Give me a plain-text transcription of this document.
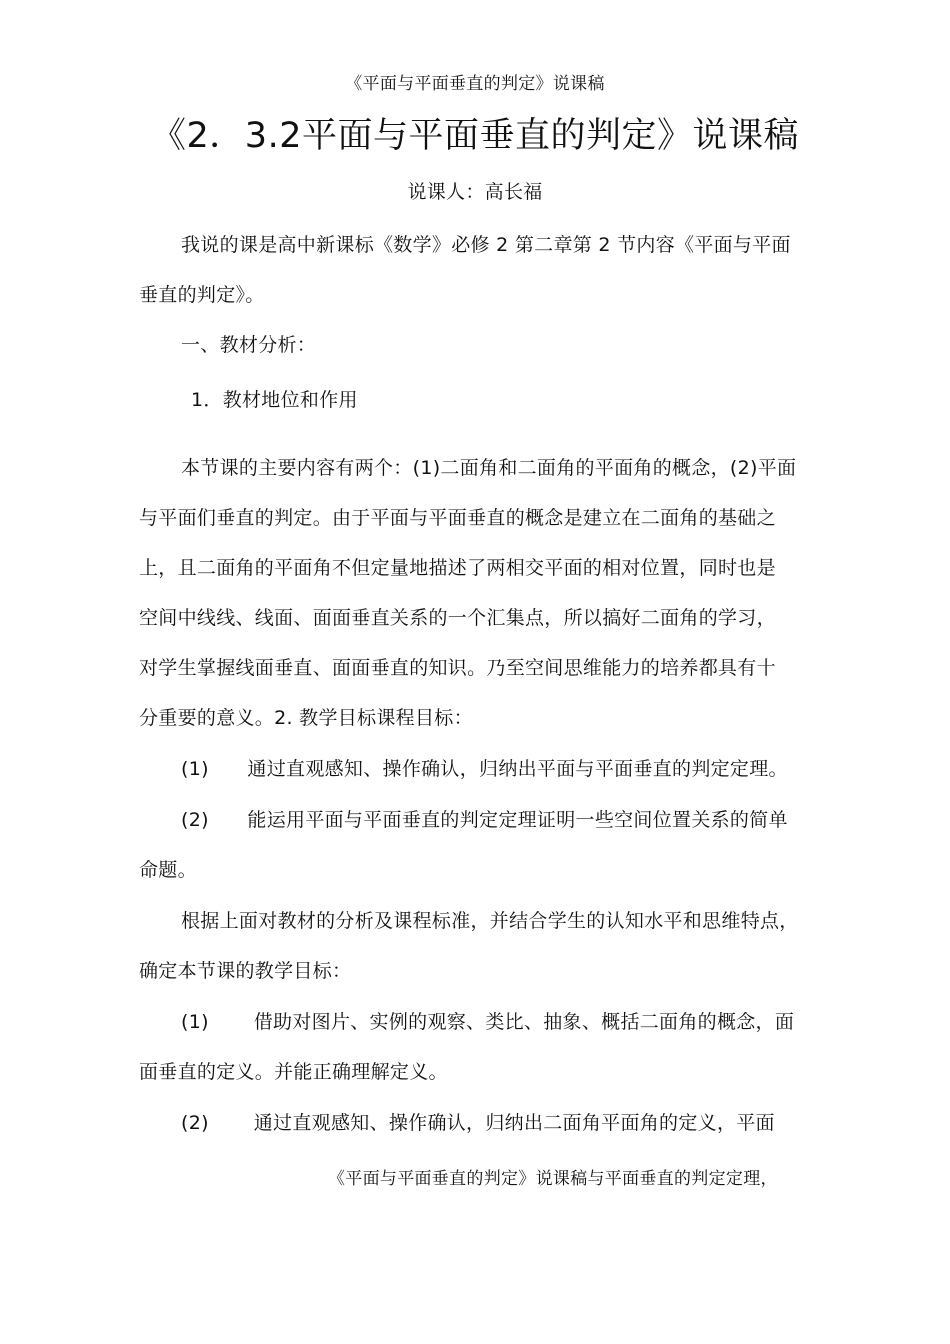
《平面与平面垂直的判定》说课稿
《2．3.2平面与平面垂直的判定》说课稿
说课人：高长福
我说的课是高中新课标《数学》必修 2 第二章第 2 节内容《平面与平面
垂直的判定》。
一、教材分析：
1．教材地位和作用
本节课的主要内容有两个：(1)二面角和二面角的平面角的概念，(2)平面
与平面们垂直的判定。由于平面与平面垂直的概念是建立在二面角的基础之
上，且二面角的平面角不但定量地描述了两相交平面的相对位置，同时也是
空间中线线、线面、面面垂直关系的一个汇集点，所以搞好二面角的学习，
对学生掌握线面垂直、面面垂直的知识。乃至空间思维能力的培养都具有十
分重要的意义。2. 教学目标课程目标：
(1)　　通过直观感知、操作确认，归纳出平面与平面垂直的判定定理。
(2)　　能运用平面与平面垂直的判定定理证明一些空间位置关系的简单
命题。
根据上面对教材的分析及课程标准，并结合学生的认知水平和思维特点，
确定本节课的教学目标：
(1)　　 借助对图片、实例的观察、类比、抽象、概括二面角的概念，面
面垂直的定义。并能正确理解定义。
(2)　　 通过直观感知、操作确认，归纳出二面角平面角的定义，平面
《平面与平面垂直的判定》说课稿与平面垂直的判定定理，
